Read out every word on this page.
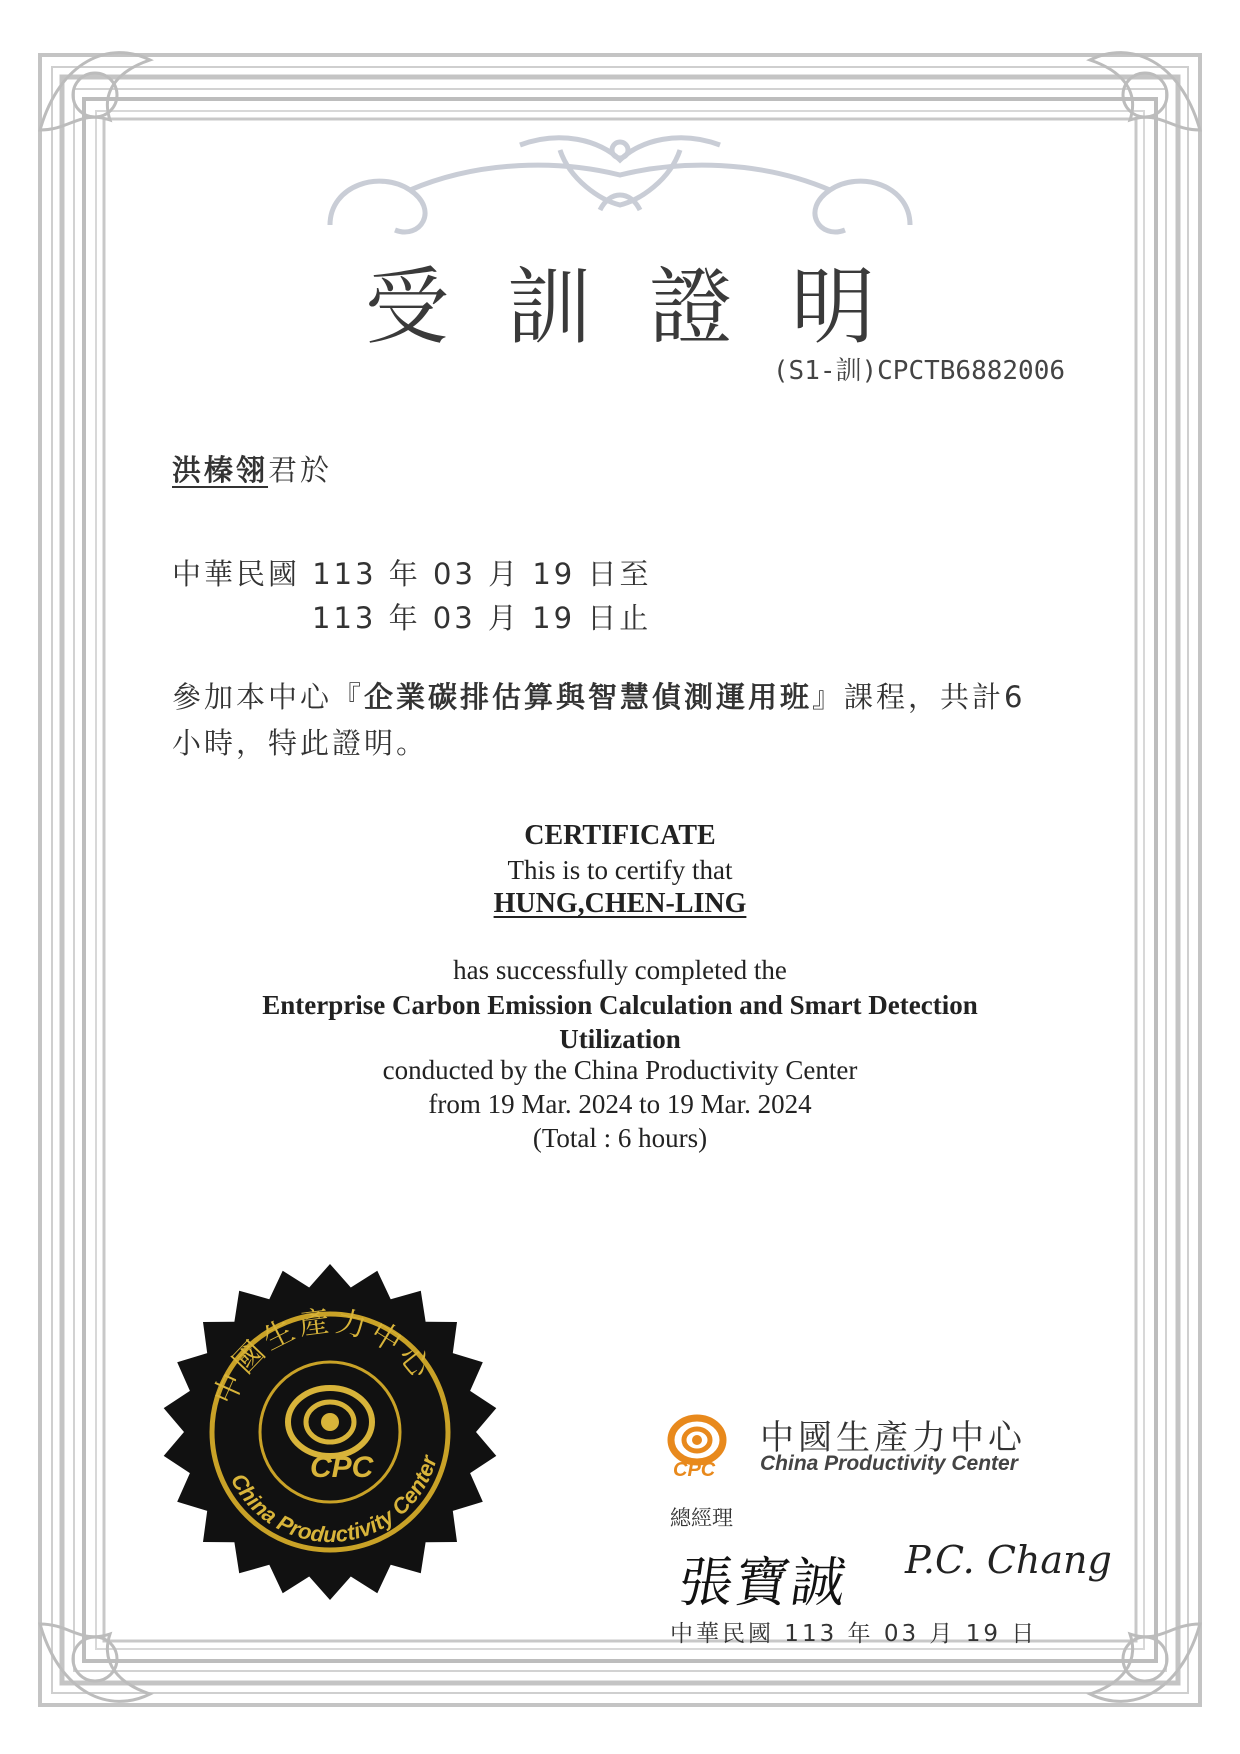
受訓證明
(S1-訓)CPCTB6882006
洪榛翎君於
中華民國 113 年 03 月 19 日至
113 年 03 月 19 日止
參加本中心『企業碳排估算與智慧偵測運用班』課程，共計6
小時，特此證明。
CERTIFICATE
This is to certify that
HUNG,CHEN-LING
has successfully completed the
Enterprise Carbon Emission Calculation and Smart Detection
Utilization
conducted by the China Productivity Center
from 19 Mar. 2024 to 19 Mar. 2024
(Total : 6 hours)
CPC
中國生產力中心
China Productivity Center	CPC
中國生產力中心
China Productivity Center
總經理
張寶誠 P.C. Chang
中華民國 113 年 03 月 19 日
